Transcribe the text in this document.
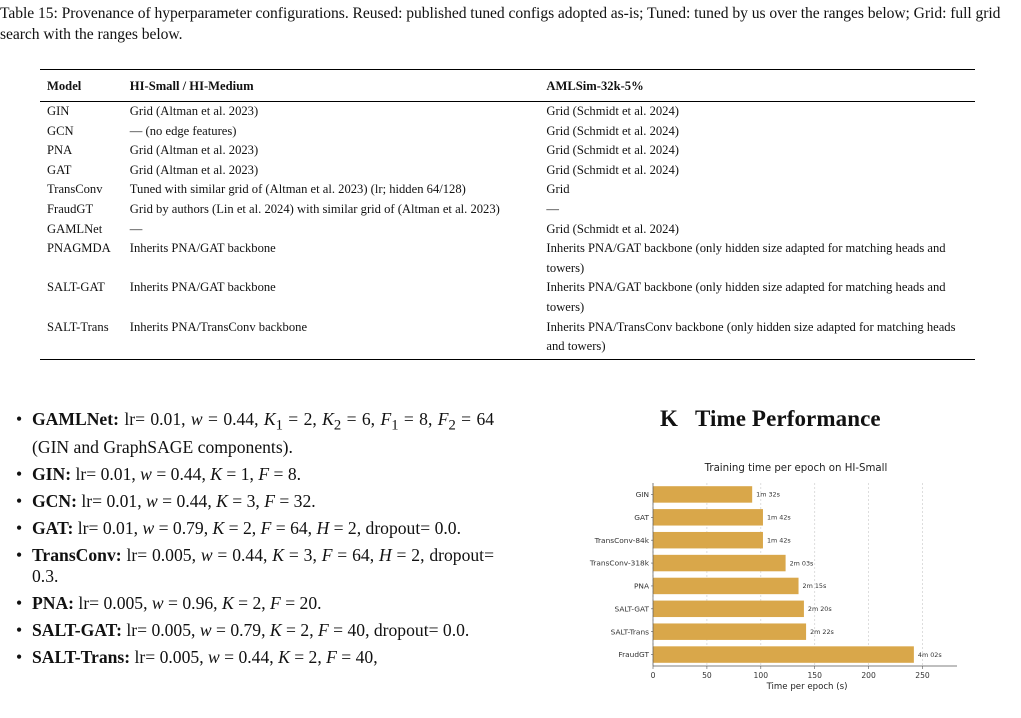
Table 15: Provenance of hyperparameter configurations. Reused: published tuned configs adopted as-is; Tuned: tuned by us over the ranges below; Grid: full grid search with the ranges below.
Model	HI-Small / HI-Medium	AMLSim-32k-5%

GIN	Grid (Altman et al. 2023)	Grid (Schmidt et al. 2024)
GCN	— (no edge features)	Grid (Schmidt et al. 2024)
PNA	Grid (Altman et al. 2023)	Grid (Schmidt et al. 2024)
GAT	Grid (Altman et al. 2023)	Grid (Schmidt et al. 2024)
TransConv	Tuned with similar grid of (Altman et al. 2023) (lr; hidden 64/128)	Grid
FraudGT	Grid by authors (Lin et al. 2024) with similar grid of (Altman et al. 2023)	—
GAMLNet	—	Grid (Schmidt et al. 2024)
PNAGMDA	Inherits PNA/GAT backbone	Inherits PNA/GAT backbone (only hidden size adapted for matching heads and towers)
SALT-GAT	Inherits PNA/GAT backbone	Inherits PNA/GAT backbone (only hidden size adapted for matching heads and towers)
SALT-Trans	Inherits PNA/TransConv backbone	Inherits PNA/TransConv backbone (only hidden size adapted for matching heads and towers)
• GAMLNet: lr= 0.01, w = 0.44, $K_1 = 2$, $K_2 = 6$, $F_1 = 8$, $F_2 = 64$ (GIN and GraphSAGE components).
• GIN: lr= 0.01, w = 0.44, K = 1, F = 8.
• GCN: lr= 0.01, w = 0.44, K = 3, F = 32.
• GAT: lr= 0.01, w = 0.79, K = 2, F = 64, H = 2, dropout= 0.0.
• TransConv: lr= 0.005, w = 0.44, K = 3, F = 64, H = 2, dropout= 0.3.
• PNA: lr= 0.005, w = 0.96, K = 2, F = 20.
• SALT-GAT: lr= 0.005, w = 0.79, K = 2, F = 40, dropout= 0.0.
• SALT-Trans: lr= 0.005, w = 0.44, K = 2, F = 40,
K Time Performance
Training time per epoch on HI-Small
1m 32s
1m 42s
1m 42s
2m 03s
2m 15s
2m 20s
2m 22s
4m 02s
GIN
GAT
TransConv-84k
TransConv-318k
PNA
SALT-GAT
SALT-Trans
FraudGT
0	50	100	150	200	250
Time per epoch (s)
